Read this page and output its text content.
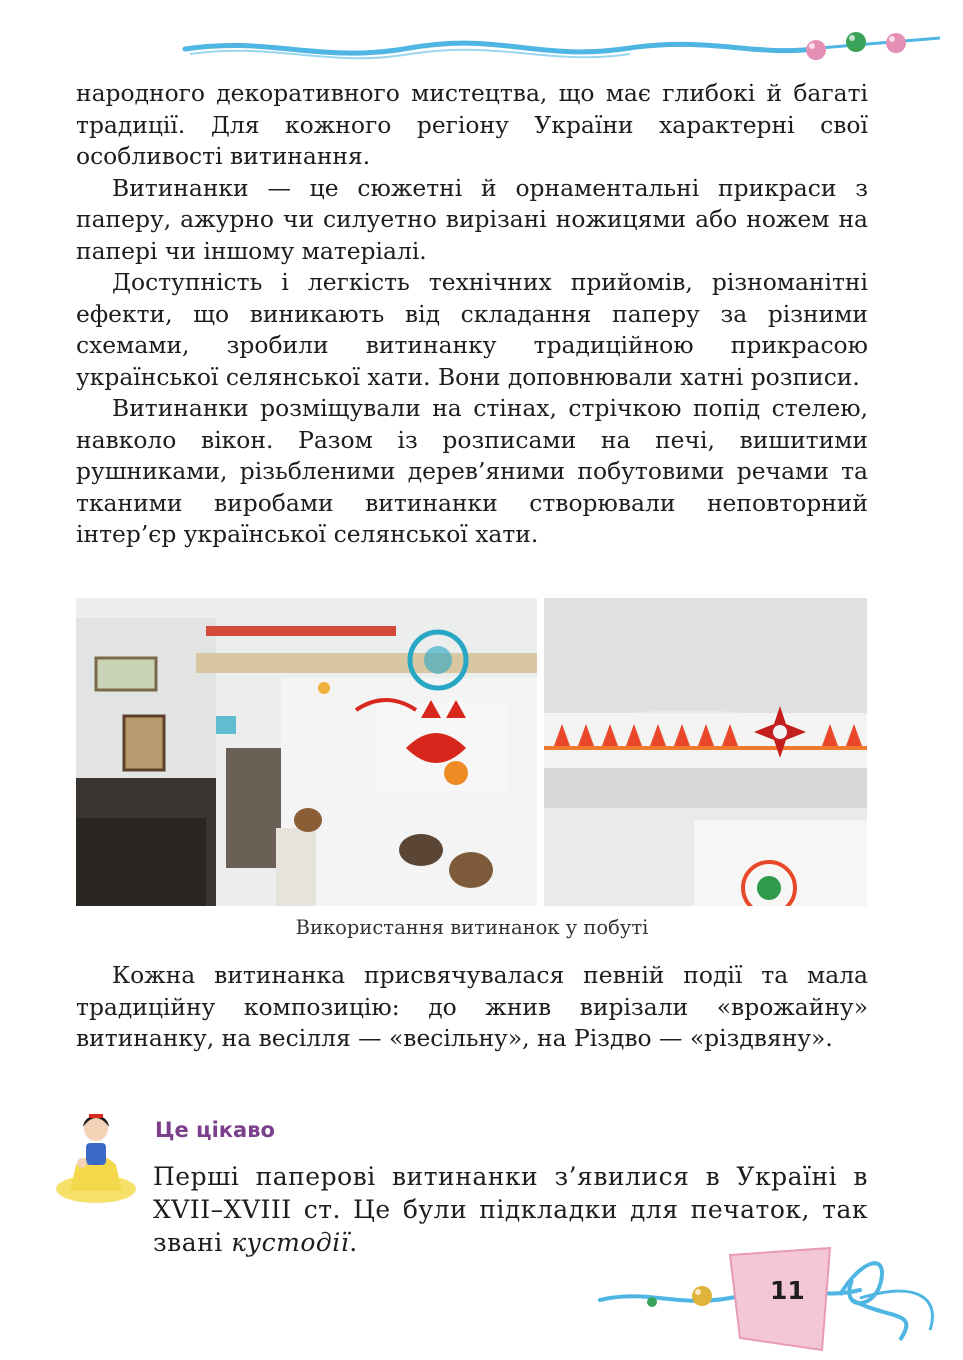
народного декоративного мистецтва, що має глибокі й багаті традиції. Для кожного регіону України характерні свої особливості витинання.

Витинанки — це сюжетні й орнаментальні прикраси з паперу, ажурно чи силуетно вирізані ножицями або ножем на папері чи іншому матеріалі.

Доступність і легкість технічних прийомів, різноманітні ефекти, що виникають від складання паперу за різними схемами, зробили витинанку традиційною прикрасою української селянської хати. Вони доповнювали хатні розписи.

Витинанки розміщували на стінах, стрічкою попід стелею, навколо вікон. Разом із розписами на печі, вишитими рушниками, різьбленими дерев’яними побутовими речами та тканими виробами витинанки створювали неповторний інтер’єр української селянської хати.

Використання витинанок у побуті

Кожна витинанка присвячувалася певній події та мала традиційну композицію: до жнив вирізали «врожайну» витинанку, на весілля — «весільну», на Різдво — «різдвяну».

Це цікаво
Перші паперові витинанки з’явилися в Україні в XVII–XVIII ст. Це були підкладки для печаток, так звані кустодії.
11
